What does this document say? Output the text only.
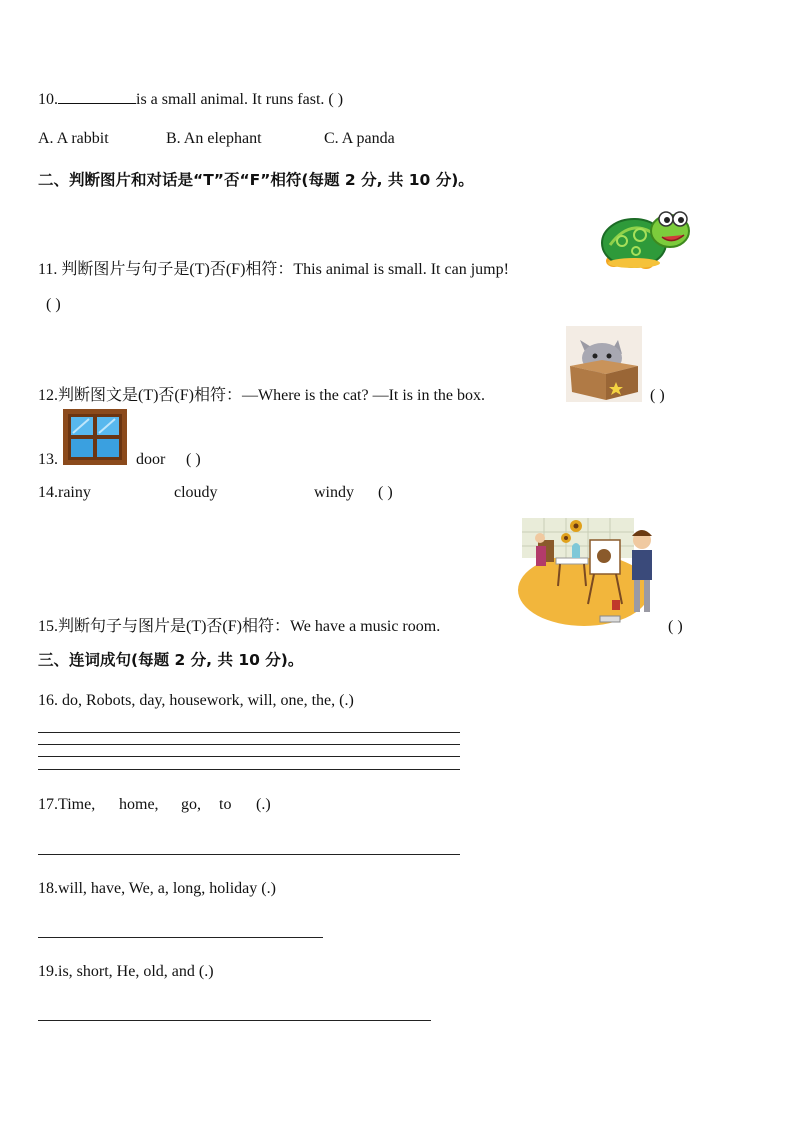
10.	is a small animal. It runs fast. ( )
A. A rabbit	B. An elephant	C. A panda
二、判断图片和对话是“T”否“F”相符(每题 2 分, 共 10 分)。
11. 判断图片与句子是(T)否(F)相符：This animal is small. It can jump!
( )
12.判断图文是(T)否(F)相符：—Where is the cat? —It is in the box.	( )
13.	door ( )
14.rainy	cloudy	windy ( )
15.判断句子与图片是(T)否(F)相符：We have a music room.	( )
三、连词成句(每题 2 分, 共 10 分)。
16. do, Robots, day, housework, will, one, the, (.)
17.Time, home, go, to (.)
18.will, have, We, a, long, holiday (.)
19.is, short, He, old, and (.)
